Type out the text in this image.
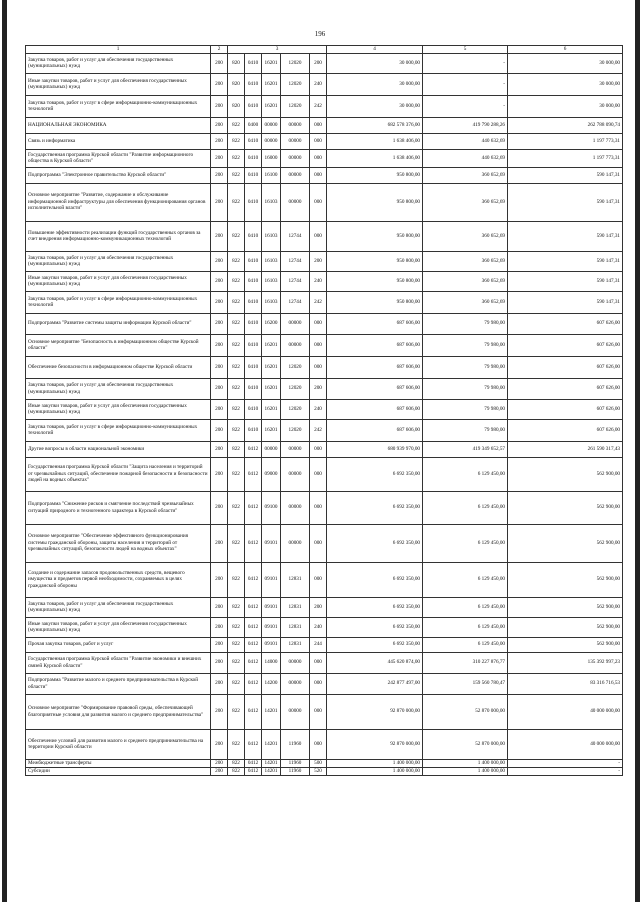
196
1	2	3					4	5	6
Закупка товаров, работ и услуг для обеспечения государственных (муниципальных) нужд	200	820	0410	16201	12020	200	30 000,00	-	30 000,00
Иные закупки товаров, работ и услуг для обеспечения государственных (муниципальных) нужд	200	820	0410	16201	12020	240	30 000,00	-	30 000,00
Закупка товаров, работ и услуг в сфере информационно-коммуникационных технологий	200	820	0410	16201	12020	242	30 000,00	-	30 000,00
НАЦИОНАЛЬНАЯ ЭКОНОМИКА	200	822	0400	00000	00000	000	682 578 376,00	419 790 288,26	262 788 090,74
Связь и информатика	200	822	0410	00000	00000	000	1 638 406,00	440 632,69	1 197 773,31
Государственная программа Курской области "Развитие информационного общества в Курской области"	200	822	0410	16000	00000	000	1 638 406,00	440 632,69	1 197 773,31
Подпрограмма "Электронное правительство Курской области"	200	822	0410	16100	00000	000	950 800,00	360 652,69	590 147,31
Основное мероприятие "Развитие, содержание и обслуживание информационной инфраструктуры для обеспечения функционирования органов исполнительной власти"	200	822	0410	16103	00000	000	950 800,00	360 652,69	590 147,31
Повышение эффективности реализации функций государственных органов за счет внедрения информационно-коммуникационных технологий	200	822	0410	16103	12744	000	950 800,00	360 652,69	590 147,31
Закупка товаров, работ и услуг для обеспечения государственных (муниципальных) нужд	200	822	0410	16103	12744	200	950 800,00	360 652,69	590 147,31
Иные закупки товаров, работ и услуг для обеспечения государственных (муниципальных) нужд	200	822	0410	16103	12744	240	950 800,00	360 652,69	590 147,31
Закупка товаров, работ и услуг в сфере информационно-коммуникационных технологий	200	822	0410	16103	12744	242	950 800,00	360 652,69	590 147,31
Подпрограмма "Развитие системы защиты информации Курской области"	200	822	0410	16200	00000	000	687 606,00	79 980,00	607 626,00
Основное мероприятие "Безопасность в информационном обществе Курской области"	200	822	0410	16201	00000	000	687 606,00	79 980,00	607 626,00
Обеспечение безопасности в информационном обществе Курской области	200	822	0410	16201	12020	000	687 606,00	79 980,00	607 626,00
Закупка товаров, работ и услуг для обеспечения государственных (муниципальных) нужд	200	822	0410	16201	12020	200	687 606,00	79 980,00	607 626,00
Иные закупки товаров, работ и услуг для обеспечения государственных (муниципальных) нужд	200	822	0410	16201	12020	240	687 606,00	79 980,00	607 626,00
Закупка товаров, работ и услуг в сфере информационно-коммуникационных технологий	200	822	0410	16201	12020	242	687 606,00	79 980,00	607 626,00
Другие вопросы в области национальной экономики	200	822	0412	00000	00000	000	680 939 970,00	419 349 652,57	261 590 317,43
Государственная программа Курской области "Защита населения и территорий от чрезвычайных ситуаций, обеспечение пожарной безопасности и безопасности людей на водных объектах"	200	822	0412	09000	00000	000	6 692 350,00	6 129 450,00	562 900,00
Подпрограмма "Снижение рисков и смягчение последствий чрезвычайных ситуаций природного и техногенного характера в Курской области"	200	822	0412	09100	00000	000	6 692 350,00	6 129 450,00	562 900,00
Основное мероприятие "Обеспечение эффективного функционирования системы гражданской обороны, защиты населения и территорий от чрезвычайных ситуаций, безопасности людей на водных объектах"	200	822	0412	09101	00000	000	6 692 350,00	6 129 450,00	562 900,00
Создание и содержание запасов продовольственных средств, вещевого имущества и предметов первой необходимости, сохраняемых в целях гражданской обороны	200	822	0412	09101	12831	000	6 692 350,00	6 129 450,00	562 900,00
Закупка товаров, работ и услуг для обеспечения государственных (муниципальных) нужд	200	822	0412	09101	12831	200	6 692 350,00	6 129 450,00	562 900,00
Иные закупки товаров, работ и услуг для обеспечения государственных (муниципальных) нужд	200	822	0412	09101	12831	240	6 692 350,00	6 129 450,00	562 900,00
Прочая закупка товаров, работ и услуг	200	822	0412	09101	12831	244	6 692 350,00	6 129 450,00	562 900,00
Государственная программа Курской области "Развитие экономики и внешних связей Курской области"	200	822	0412	14000	00000	000	445 620 874,00	310 227 876,77	135 392 997,23
Подпрограмма "Развитие малого и среднего предпринимательства в Курской области"	200	822	0412	14200	00000	000	242 877 497,00	159 560 780,47	83 316 716,53
Основное мероприятие "Формирование правовой среды, обеспечивающей благоприятные условия для развития малого и среднего предпринимательства"	200	822	0412	14201	00000	000	92 870 000,00	52 870 000,00	40 000 000,00
Обеспечение условий для развития малого и среднего предпринимательства на территории Курской области	200	822	0412	14201	11960	000	92 870 000,00	52 870 000,00	40 000 000,00
Межбюджетные трансферты	200	822	0412	14201	11960	500	1 400 000,00	1 400 000,00	-
Субсидии	200	822	0412	14201	11960	520	1 400 000,00	1 400 000,00	-
